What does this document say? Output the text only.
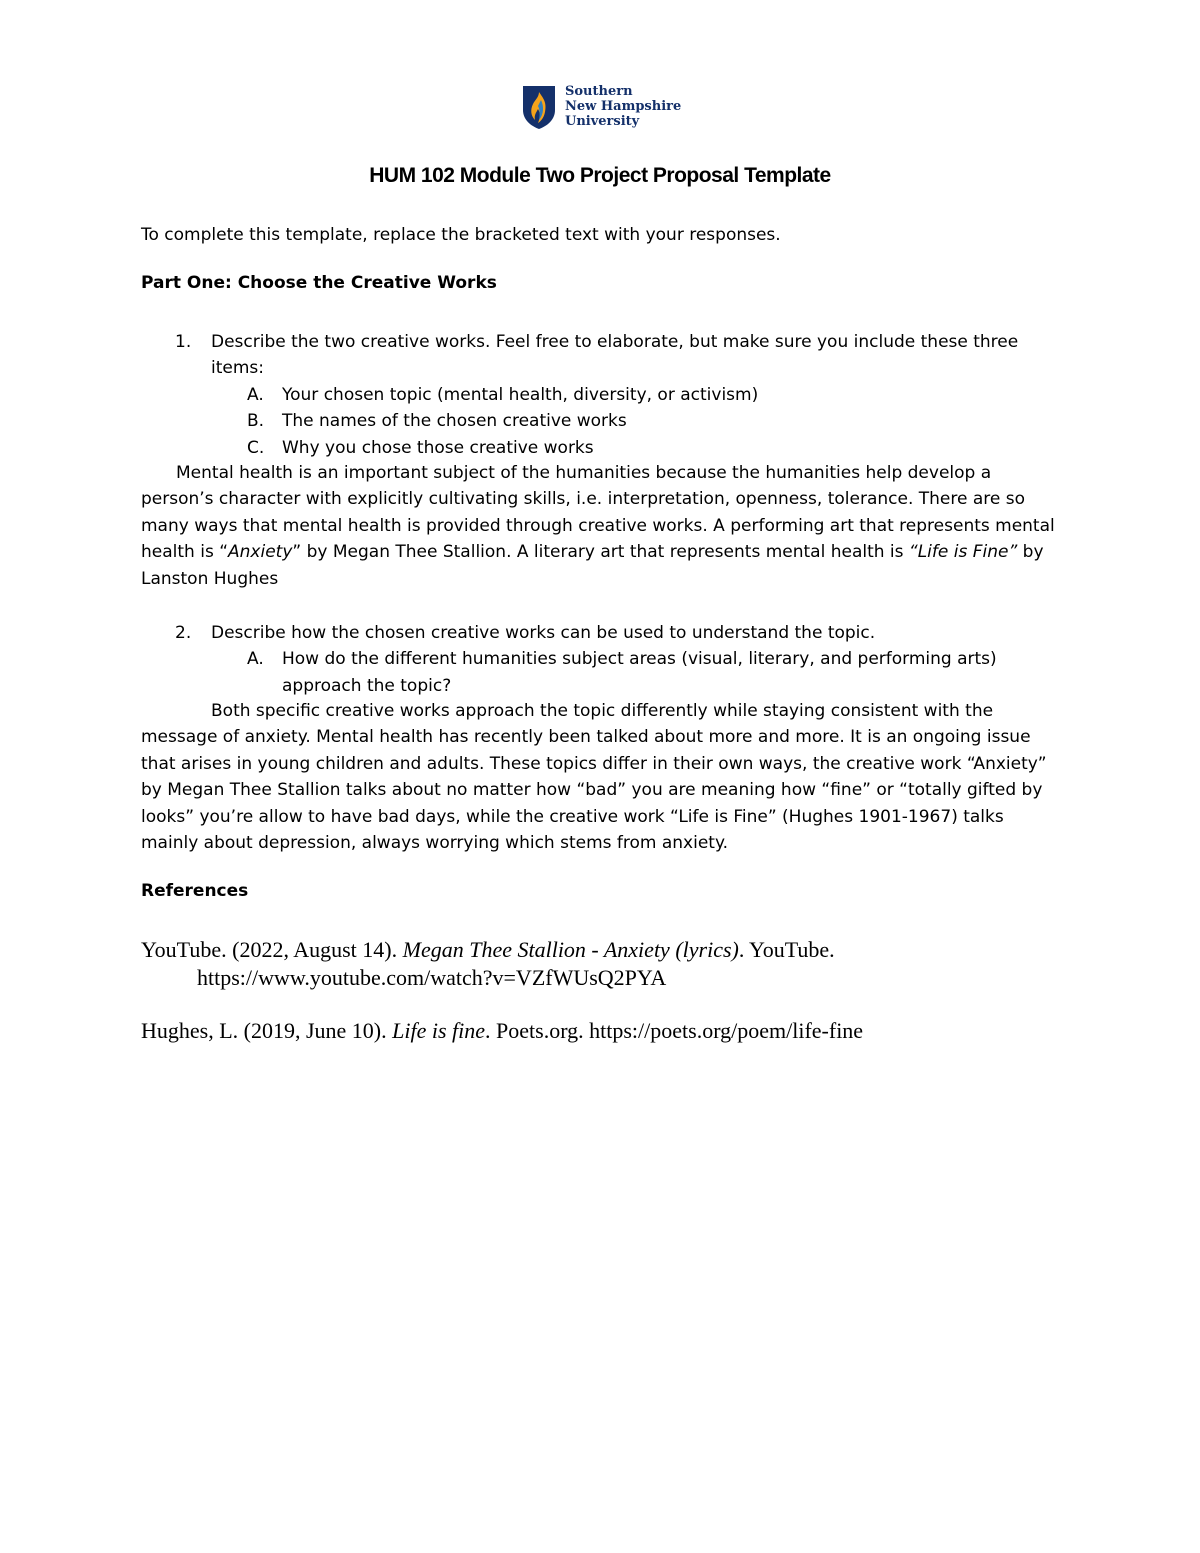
Southern
New Hampshire
University
HUM 102 Module Two Project Proposal Template
To complete this template, replace the bracketed text with your responses.
Part One: Choose the Creative Works
1. Describe the two creative works. Feel free to elaborate, but make sure you include these three items:
A. Your chosen topic (mental health, diversity, or activism)
B. The names of the chosen creative works
C. Why you chose those creative works
Mental health is an important subject of the humanities because the humanities help develop a person’s character with explicitly cultivating skills, i.e. interpretation, openness, tolerance. There are so many ways that mental health is provided through creative works. A performing art that represents mental health is “Anxiety” by Megan Thee Stallion. A literary art that represents mental health is “Life is Fine” by Lanston Hughes
2. Describe how the chosen creative works can be used to understand the topic.
A. How do the different humanities subject areas (visual, literary, and performing arts) approach the topic?
Both specific creative works approach the topic differently while staying consistent with the message of anxiety. Mental health has recently been talked about more and more. It is an ongoing issue that arises in young children and adults. These topics differ in their own ways, the creative work “Anxiety” by Megan Thee Stallion talks about no matter how “bad” you are meaning how “fine” or “totally gifted by looks” you’re allow to have bad days, while the creative work “Life is Fine” (Hughes 1901-1967) talks mainly about depression, always worrying which stems from anxiety.
References
YouTube. (2022, August 14). Megan Thee Stallion - Anxiety (lyrics). YouTube.
https://www.youtube.com/watch?v=VZfWUsQ2PYA
Hughes, L. (2019, June 10). Life is fine. Poets.org. https://poets.org/poem/life-fine
